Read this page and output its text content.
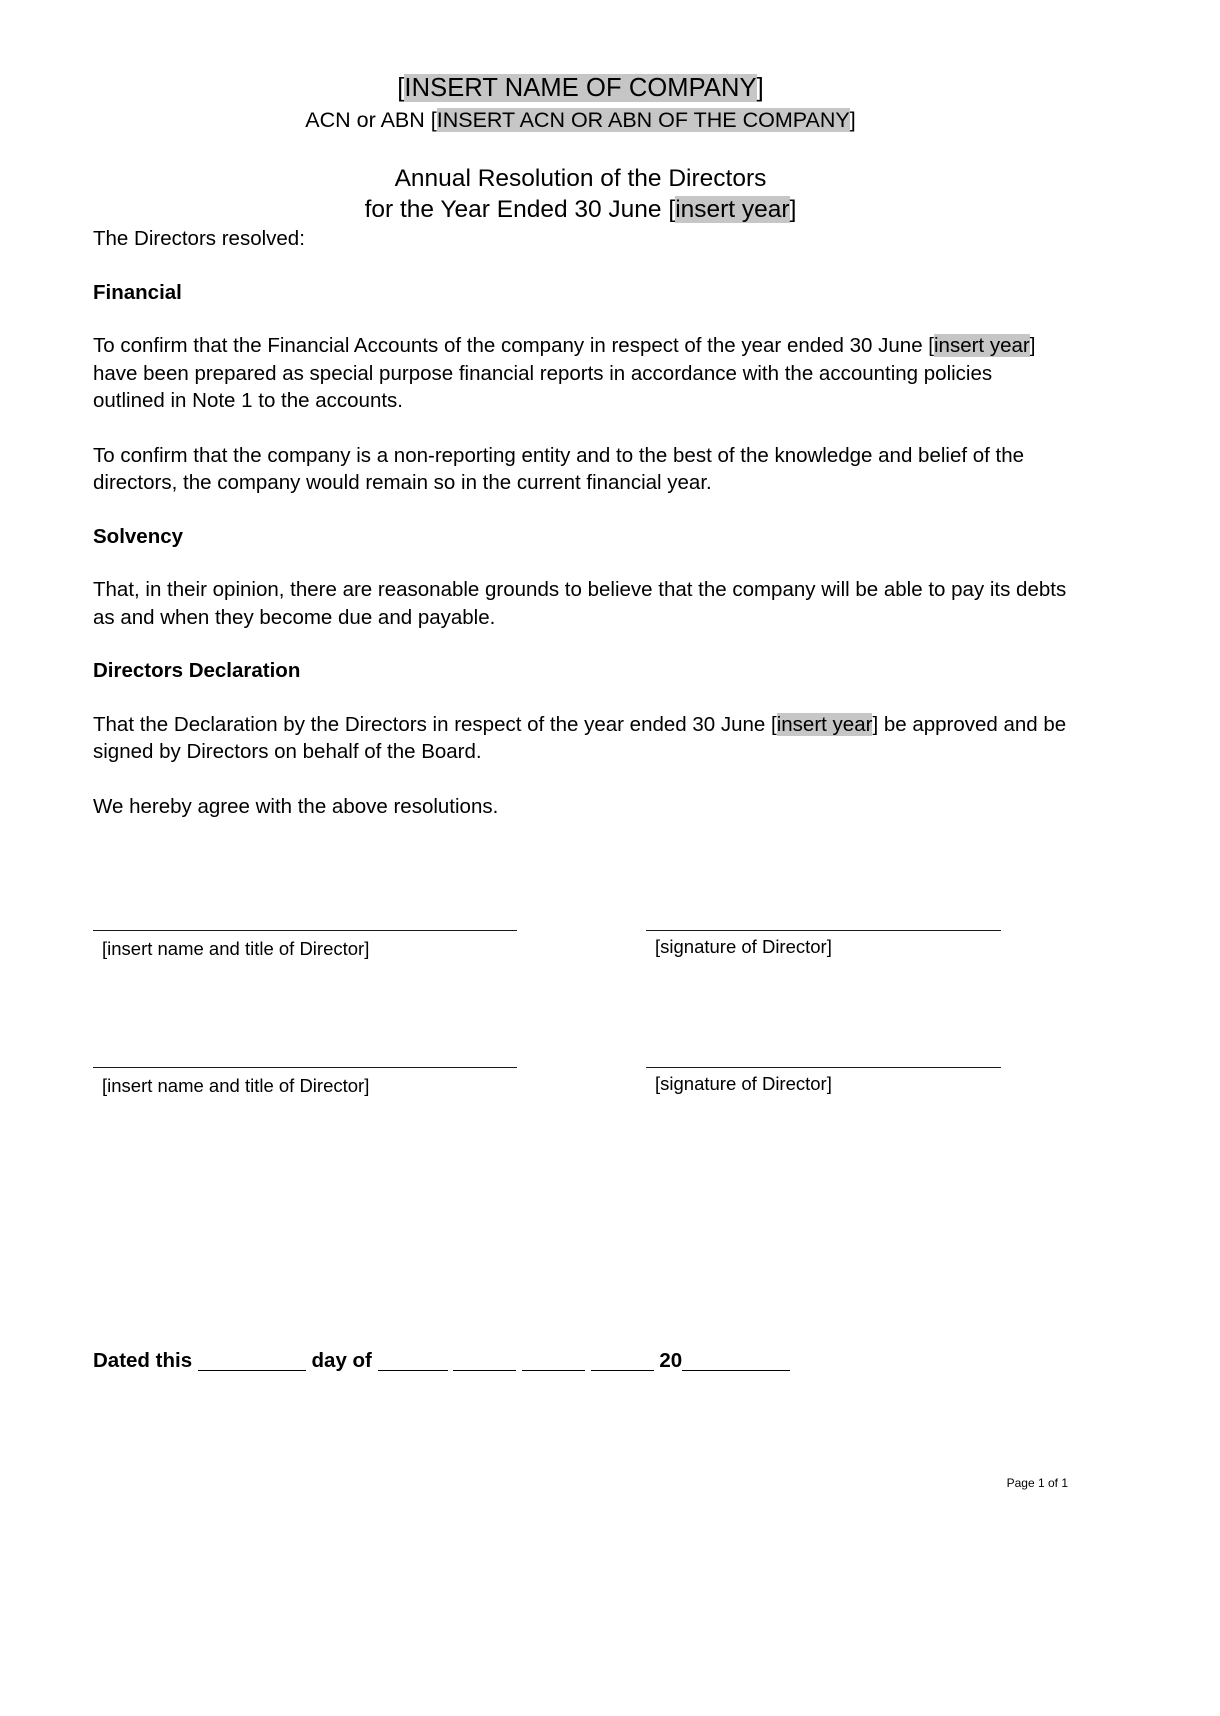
[INSERT NAME OF COMPANY]
ACN or ABN [INSERT ACN OR ABN OF THE COMPANY]
Annual Resolution of the Directors
for the Year Ended 30 June [insert year]

The Directors resolved:

Financial

To confirm that the Financial Accounts of the company in respect of the year ended 30 June [insert year] have been prepared as special purpose financial reports in accordance with the accounting policies outlined in Note 1 to the accounts.

To confirm that the company is a non-reporting entity and to the best of the knowledge and belief of the directors, the company would remain so in the current financial year.

Solvency

That, in their opinion, there are reasonable grounds to believe that the company will be able to pay its debts as and when they become due and payable.

Directors Declaration

That the Declaration by the Directors in respect of the year ended 30 June [insert year] be approved and be signed by Directors on behalf of the Board.

We hereby agree with the above resolutions.

[insert name and title of Director]	[signature of Director]
[insert name and title of Director]	[signature of Director]
Dated this	day of	20
Page 1 of 1
